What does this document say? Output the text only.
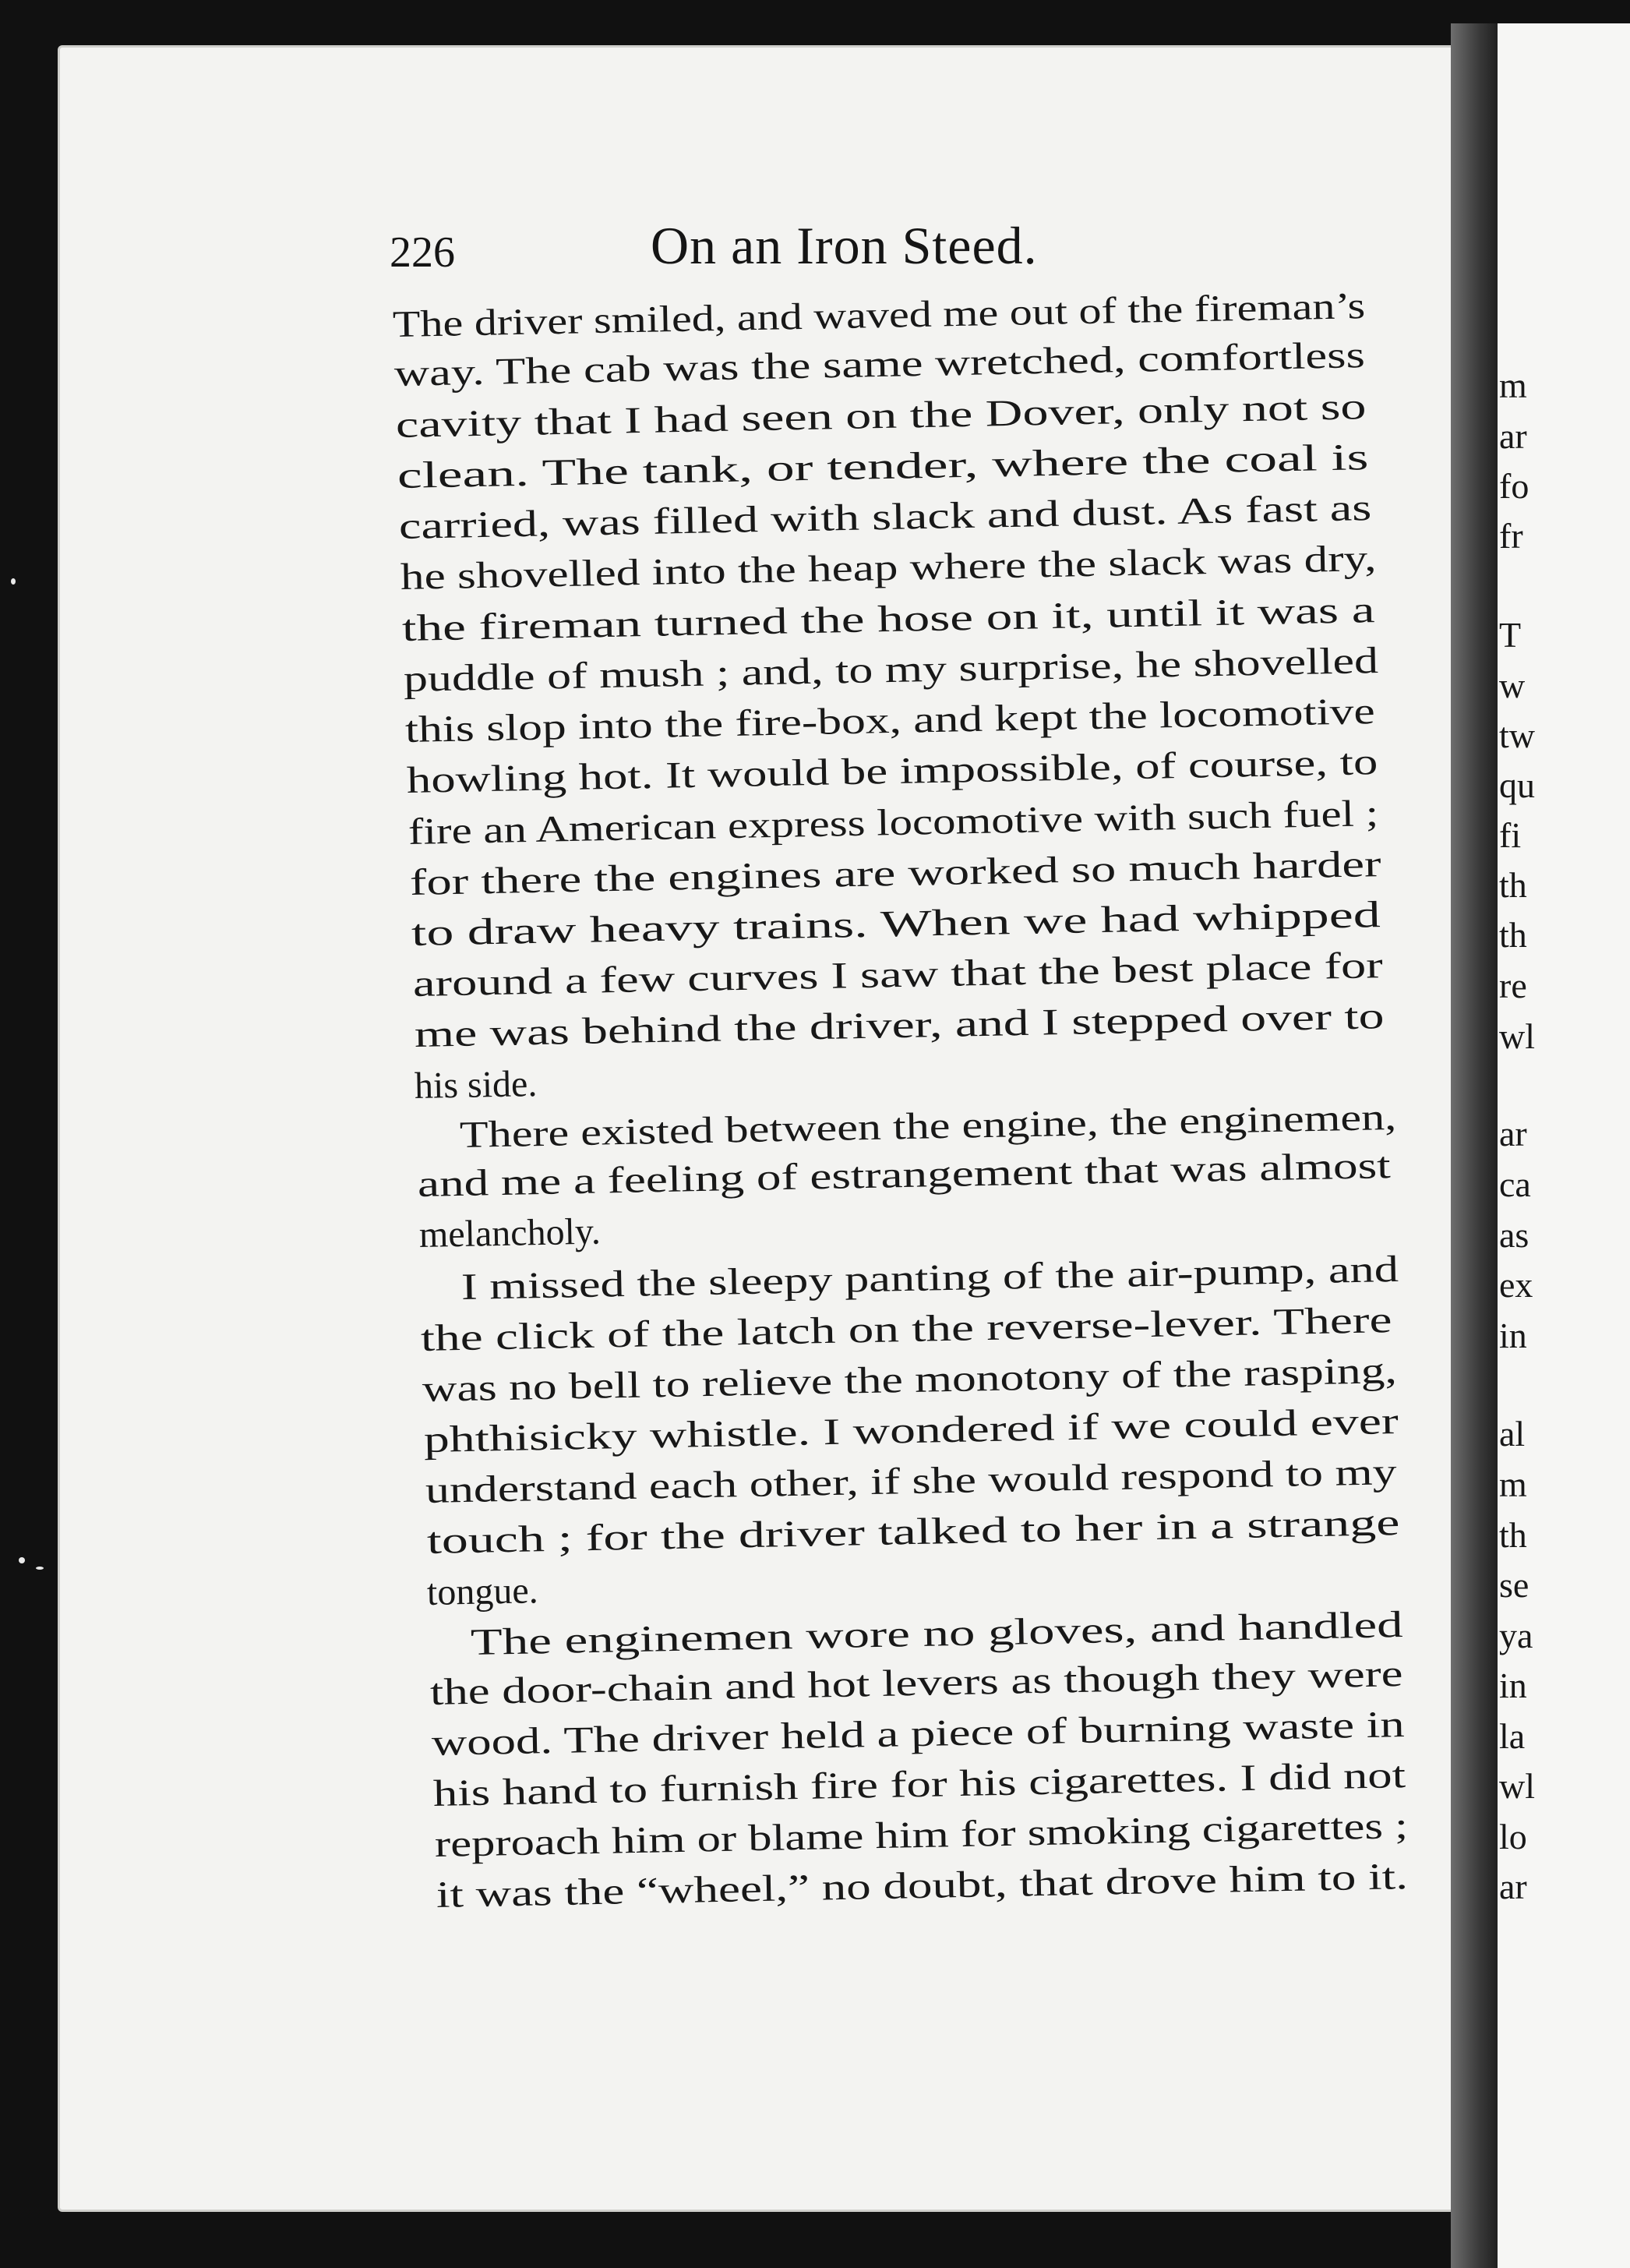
m
ar
fo
fr
T
w
tw
qu
fi
th
th
re
wl
ar
ca
as
ex
in
al
m
th
se
ya
in
la
wl
lo
ar
226	On an Iron Steed.
The driver smiled, and waved me out of the fireman’s
way. The cab was the same wretched, comfortless
cavity that I had seen on the Dover, only not so
clean. The tank, or tender, where the coal is
carried, was filled with slack and dust. As fast as
he shovelled into the heap where the slack was dry,
the fireman turned the hose on it, until it was a
puddle of mush ; and, to my surprise, he shovelled
this slop into the fire-box, and kept the locomotive
howling hot. It would be impossible, of course, to
fire an American express locomotive with such fuel ;
for there the engines are worked so much harder
to draw heavy trains. When we had whipped
around a few curves I saw that the best place for
me was behind the driver, and I stepped over to
his side.
There existed between the engine, the enginemen,
and me a feeling of estrangement that was almost
melancholy.
I missed the sleepy panting of the air-pump, and
the click of the latch on the reverse-lever. There
was no bell to relieve the monotony of the rasping,
phthisicky whistle. I wondered if we could ever
understand each other, if she would respond to my
touch ; for the driver talked to her in a strange
tongue.
The enginemen wore no gloves, and handled
the door-chain and hot levers as though they were
wood. The driver held a piece of burning waste in
his hand to furnish fire for his cigarettes. I did not
reproach him or blame him for smoking cigarettes ;
it was the “wheel,” no doubt, that drove him to it.
